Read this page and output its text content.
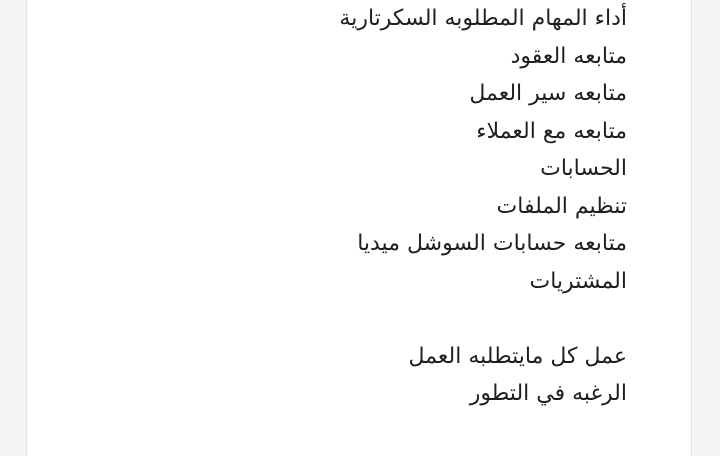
أداء المهام المطلوبه السكرتارية
متابعه العقود
متابعه سير العمل
متابعه مع العملاء
الحسابات
تنظيم الملفات
متابعه حسابات السوشل ميديا
المشتريات
عمل كل مايتطلبه العمل
الرغبه في التطور
